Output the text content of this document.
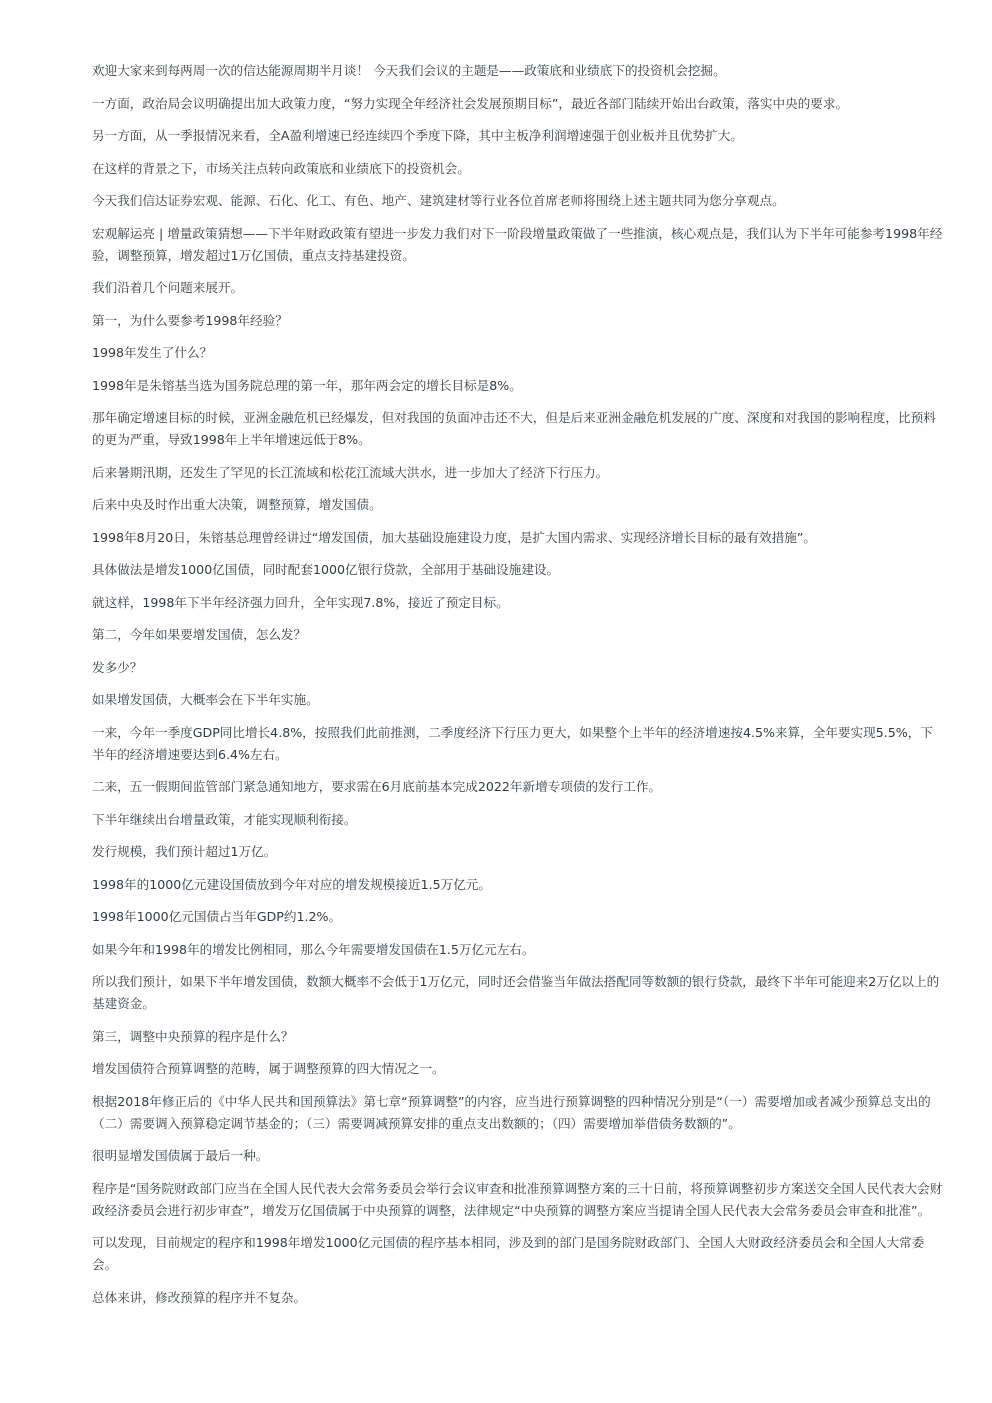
欢迎大家来到每两周一次的信达能源周期半月谈！ 今天我们会议的主题是——政策底和业绩底下的投资机会挖掘。

一方面，政治局会议明确提出加大政策力度，“努力实现全年经济社会发展预期目标”，最近各部门陆续开始出台政策，落实中央的要求。

另一方面，从一季报情况来看，全A盈利增速已经连续四个季度下降，其中主板净利润增速强于创业板并且优势扩大。

在这样的背景之下，市场关注点转向政策底和业绩底下的投资机会。

今天我们信达证券宏观、能源、石化、化工、有色、地产、建筑建材等行业各位首席老师将围绕上述主题共同为您分享观点。

宏观解运亮 | 增量政策猜想——下半年财政政策有望进一步发力我们对下一阶段增量政策做了一些推演，核心观点是，我们认为下半年可能参考1998年经验，调整预算，增发超过1万亿国债，重点支持基建投资。

我们沿着几个问题来展开。

第一，为什么要参考1998年经验？

1998年发生了什么？

1998年是朱镕基当选为国务院总理的第一年，那年两会定的增长目标是8%。

那年确定增速目标的时候，亚洲金融危机已经爆发，但对我国的负面冲击还不大，但是后来亚洲金融危机发展的广度、深度和对我国的影响程度，比预料的更为严重，导致1998年上半年增速远低于8%。

后来暑期汛期，还发生了罕见的长江流域和松花江流域大洪水，进一步加大了经济下行压力。

后来中央及时作出重大决策，调整预算，增发国债。

1998年8月20日，朱镕基总理曾经讲过“增发国债，加大基础设施建设力度，是扩大国内需求、实现经济增长目标的最有效措施”。

具体做法是增发1000亿国债，同时配套1000亿银行贷款，全部用于基础设施建设。

就这样，1998年下半年经济强力回升，全年实现7.8%，接近了预定目标。

第二，今年如果要增发国债，怎么发？

发多少？

如果增发国债，大概率会在下半年实施。

一来，今年一季度GDP同比增长4.8%，按照我们此前推测，二季度经济下行压力更大，如果整个上半年的经济增速按4.5%来算，全年要实现5.5%，下半年的经济增速要达到6.4%左右。

二来，五一假期间监管部门紧急通知地方，要求需在6月底前基本完成2022年新增专项债的发行工作。

下半年继续出台增量政策，才能实现顺利衔接。

发行规模，我们预计超过1万亿。

1998年的1000亿元建设国债放到今年对应的增发规模接近1.5万亿元。

1998年1000亿元国债占当年GDP约1.2%。

如果今年和1998年的增发比例相同，那么今年需要增发国债在1.5万亿元左右。

所以我们预计，如果下半年增发国债，数额大概率不会低于1万亿元，同时还会借鉴当年做法搭配同等数额的银行贷款，最终下半年可能迎来2万亿以上的基建资金。

第三，调整中央预算的程序是什么？

增发国债符合预算调整的范畴，属于调整预算的四大情况之一。

根据2018年修正后的《中华人民共和国预算法》第七章“预算调整”的内容，应当进行预算调整的四种情况分别是“（一）需要增加或者减少预算总支出的（二）需要调入预算稳定调节基金的；（三）需要调减预算安排的重点支出数额的；（四）需要增加举借债务数额的”。

很明显增发国债属于最后一种。

程序是“国务院财政部门应当在全国人民代表大会常务委员会举行会议审查和批准预算调整方案的三十日前，将预算调整初步方案送交全国人民代表大会财政经济委员会进行初步审查”，增发万亿国债属于中央预算的调整，法律规定“中央预算的调整方案应当提请全国人民代表大会常务委员会审查和批准”。

可以发现，目前规定的程序和1998年增发1000亿元国债的程序基本相同，涉及到的部门是国务院财政部门、全国人大财政经济委员会和全国人大常委会。

总体来讲，修改预算的程序并不复杂。
